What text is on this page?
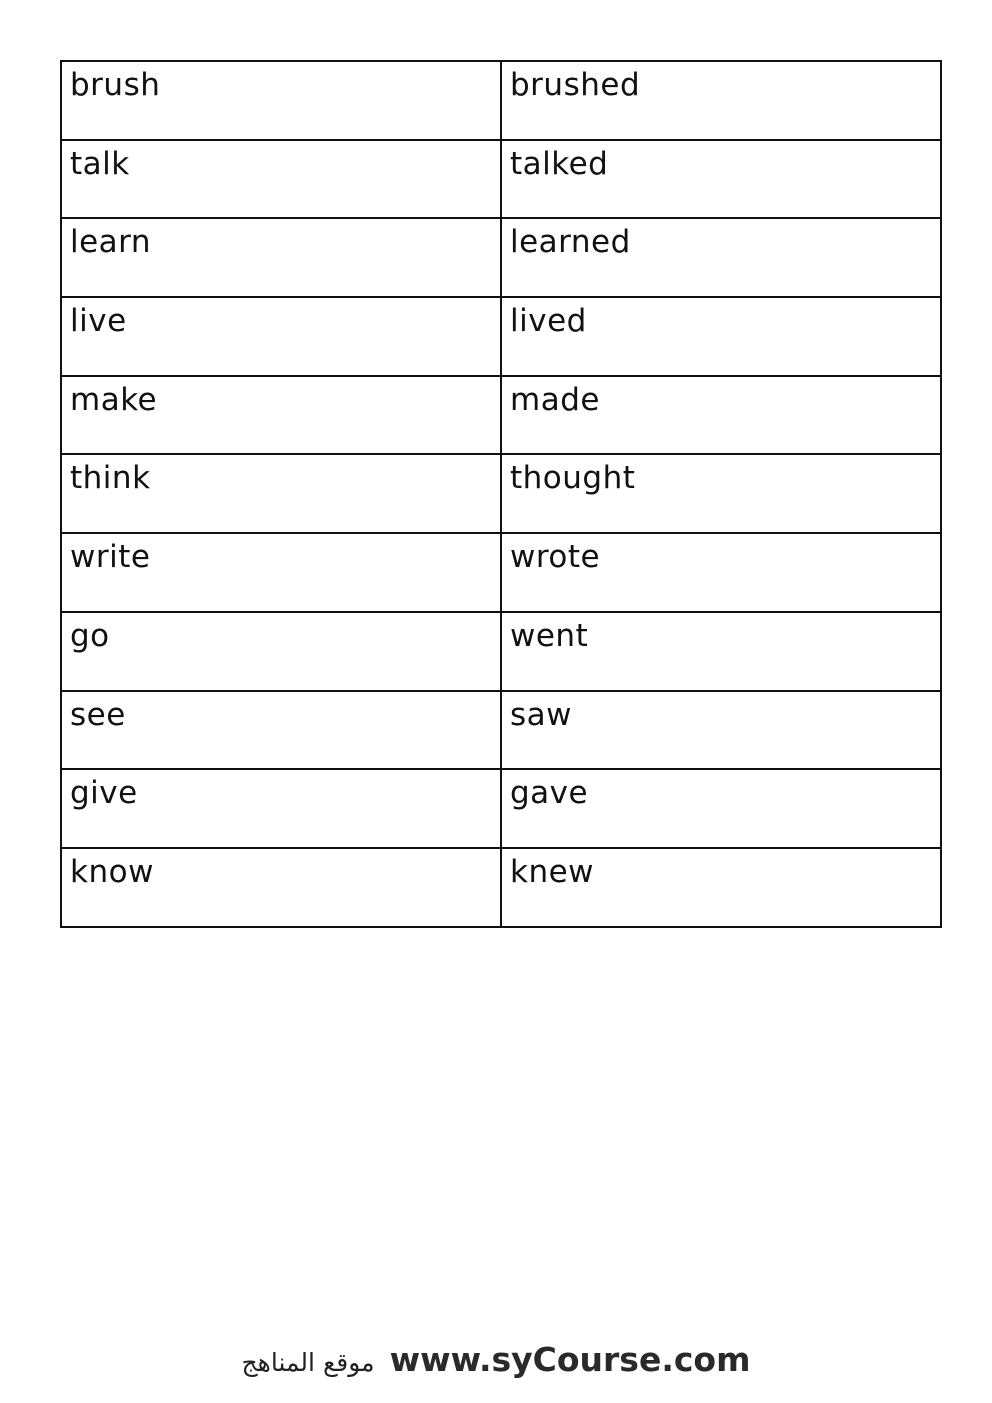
brush	brushed
talk	talked
learn	learned
live	lived
make	made
think	thought
write	wrote
go	went
see	saw
give	gave
know	knew
موقع المناهج www.syCourse.com
